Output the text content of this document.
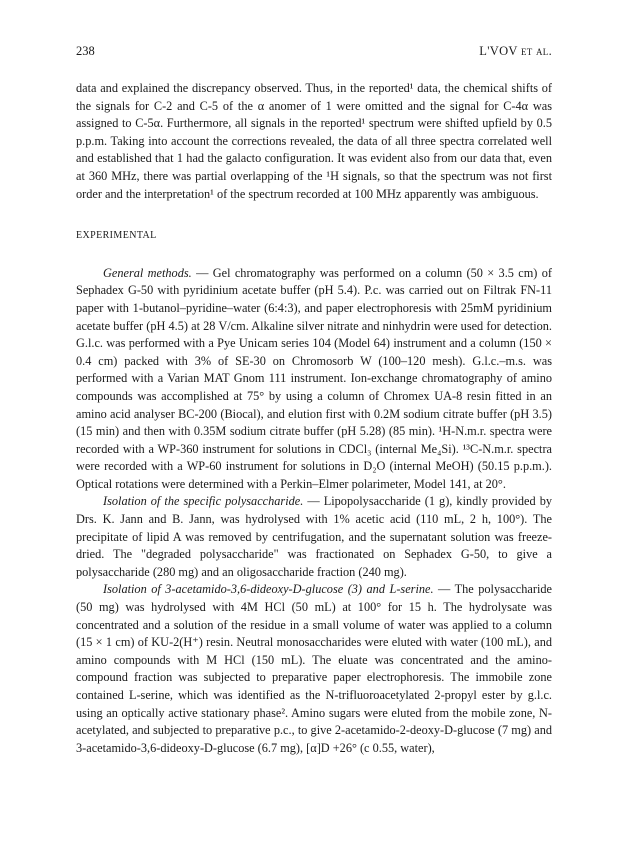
238	L'VOV et al.

data and explained the discrepancy observed. Thus, in the reported¹ data, the chemical shifts of the signals for C-2 and C-5 of the α anomer of 1 were omitted and the signal for C-4α was assigned to C-5α. Furthermore, all signals in the reported¹ spectrum were shifted upfield by 0.5 p.p.m. Taking into account the corrections revealed, the data of all three spectra correlated well and established that 1 had the galacto configuration. It was evident also from our data that, even at 360 MHz, there was partial overlapping of the ¹H signals, so that the spectrum was not first order and the interpretation¹ of the spectrum recorded at 100 MHz apparently was ambiguous.

EXPERIMENTAL

General methods. — Gel chromatography was performed on a column (50 × 3.5 cm) of Sephadex G-50 with pyridinium acetate buffer (pH 5.4). P.c. was carried out on Filtrak FN-11 paper with 1-butanol–pyridine–water (6:4:3), and paper electrophoresis with 25mM pyridinium acetate buffer (pH 4.5) at 28 V/cm. Alkaline silver nitrate and ninhydrin were used for detection. G.l.c. was performed with a Pye Unicam series 104 (Model 64) instrument and a column (150 × 0.4 cm) packed with 3% of SE-30 on Chromosorb W (100–120 mesh). G.l.c.–m.s. was performed with a Varian MAT Gnom 111 instrument. Ion-exchange chromatography of amino compounds was accomplished at 75° by using a column of Chromex UA-8 resin fitted in an amino acid analyser BC-200 (Biocal), and elution first with 0.2M sodium citrate buffer (pH 3.5) (15 min) and then with 0.35M sodium citrate buffer (pH 5.28) (85 min). ¹H-N.m.r. spectra were recorded with a WP-360 instrument for solutions in CDCl₃ (internal Me₄Si). ¹³C-N.m.r. spectra were recorded with a WP-60 instrument for solutions in D₂O (internal MeOH) (50.15 p.p.m.). Optical rotations were determined with a Perkin–Elmer polarimeter, Model 141, at 20°.

Isolation of the specific polysaccharide. — Lipopolysaccharide (1 g), kindly provided by Drs. K. Jann and B. Jann, was hydrolysed with 1% acetic acid (110 mL, 2 h, 100°). The precipitate of lipid A was removed by centrifugation, and the supernatant solution was freeze-dried. The "degraded polysaccharide" was fractionated on Sephadex G-50, to give a polysaccharide (280 mg) and an oligosaccharide fraction (240 mg).

Isolation of 3-acetamido-3,6-dideoxy-D-glucose (3) and L-serine. — The polysaccharide (50 mg) was hydrolysed with 4M HCl (50 mL) at 100° for 15 h. The hydrolysate was concentrated and a solution of the residue in a small volume of water was applied to a column (15 × 1 cm) of KU-2(H⁺) resin. Neutral monosaccharides were eluted with water (100 mL), and amino compounds with M HCl (150 mL). The eluate was concentrated and the amino-compound fraction was subjected to preparative paper electrophoresis. The immobile zone contained L-serine, which was identified as the N-trifluoroacetylated 2-propyl ester by g.l.c. using an optically active stationary phase². Amino sugars were eluted from the mobile zone, N-acetylated, and subjected to preparative p.c., to give 2-acetamido-2-deoxy-D-glucose (7 mg) and 3-acetamido-3,6-dideoxy-D-glucose (6.7 mg), [α]D +26° (c 0.55, water),
